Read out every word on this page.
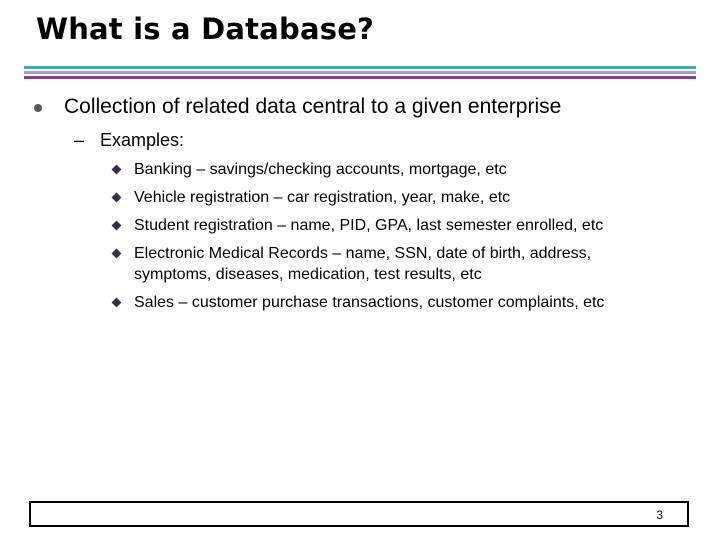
What is a Database?
Collection of related data central to a given enterprise
– Examples:
Banking – savings/checking accounts, mortgage, etc
Vehicle registration – car registration, year, make, etc
Student registration – name, PID, GPA, last semester enrolled, etc
Electronic Medical Records – name, SSN, date of birth, address,
symptoms, diseases, medication, test results, etc
Sales – customer purchase transactions, customer complaints, etc
3
